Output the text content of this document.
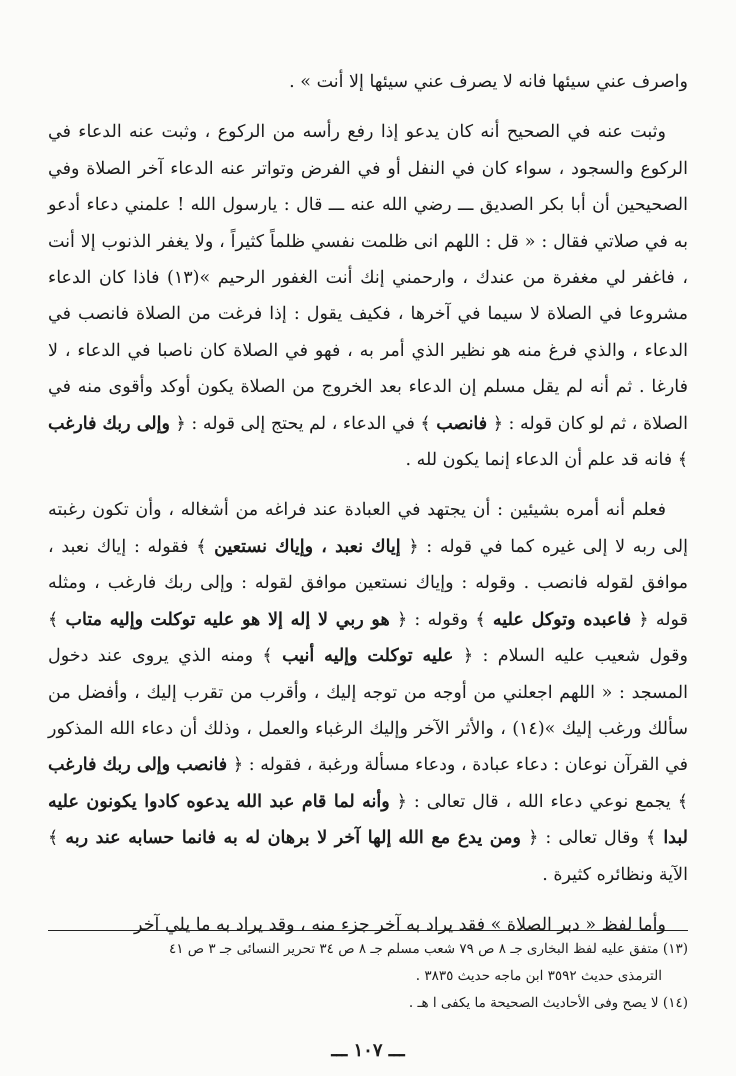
واصرف عني سيئها فانه لا يصرف عني سيئها إلا أنت » .

وثبت عنه في الصحيح أنه كان يدعو إذا رفع رأسه من الركوع ، وثبت عنه الدعاء في الركوع والسجود ، سواء كان في النفل أو في الفرض وتواتر عنه الدعاء آخر الصلاة وفي الصحيحين أن أبا بكر الصديق ـــ رضي الله عنه ـــ قال : يارسول الله ! علمني دعاء أدعو به في صلاتي فقال : « قل : اللهم انى ظلمت نفسي ظلماً كثيراً ، ولا يغفر الذنوب إلا أنت ، فاغفر لي مغفرة من عندك ، وارحمني إنك أنت الغفور الرحيم »(١٣) فاذا كان الدعاء مشروعا في الصلاة لا سيما في آخرها ، فكيف يقول : إذا فرغت من الصلاة فانصب في الدعاء ، والذي فرغ منه هو نظير الذي أمر به ، فهو في الصلاة كان ناصبا في الدعاء ، لا فارغا . ثم أنه لم يقل مسلم إن الدعاء بعد الخروج من الصلاة يكون أوكد وأقوى منه في الصلاة ، ثم لو كان قوله : ﴿ فانصب ﴾ في الدعاء ، لم يحتج إلى قوله : ﴿ وإلى ربك فارغب ﴾ فانه قد علم أن الدعاء إنما يكون لله .

فعلم أنه أمره بشيئين : أن يجتهد في العبادة عند فراغه من أشغاله ، وأن تكون رغبته إلى ربه لا إلى غيره كما في قوله : ﴿ إياك نعبد ، وإياك نستعين ﴾ فقوله : إياك نعبد ، موافق لقوله فانصب . وقوله : وإياك نستعين موافق لقوله : وإلى ربك فارغب ، ومثله قوله ﴿ فاعبده وتوكل عليه ﴾ وقوله : ﴿ هو ربي لا إله إلا هو عليه توكلت وإليه متاب ﴾ وقول شعيب عليه السلام : ﴿ عليه توكلت وإليه أنيب ﴾ ومنه الذي يروى عند دخول المسجد : « اللهم اجعلني من أوجه من توجه إليك ، وأقرب من تقرب إليك ، وأفضل من سألك ورغب إليك »(١٤) ، والأثر الآخر وإليك الرغباء والعمل ، وذلك أن دعاء الله المذكور في القرآن نوعان : دعاء عبادة ، ودعاء مسألة ورغبة ، فقوله : ﴿ فانصب وإلى ربك فارغب ﴾ يجمع نوعي دعاء الله ، قال تعالى : ﴿ وأنه لما قام عبد الله يدعوه كادوا يكونون عليه لبدا ﴾ وقال تعالى : ﴿ ومن يدع مع الله إلها آخر لا برهان له به فانما حسابه عند ربه ﴾ الآية ونظائره كثيرة .

وأما لفظ « دبر الصلاة » فقد يراد به آخر جزء منه ، وقد يراد به ما يلي آخر

(١٣) متفق عليه لفظ البخارى جـ ٨ ص ٧٩ شعب مسلم جـ ٨ ص ٣٤ تحرير النسائى جـ ٣ ص ٤١

الترمذى حديث ٣٥٩٢ ابن ماجه حديث ٣٨٣٥ .

(١٤) لا يصح وفى الأحاديث الصحيحة ما يكفى ا هـ .

ـــ ١٠٧ ـــ
